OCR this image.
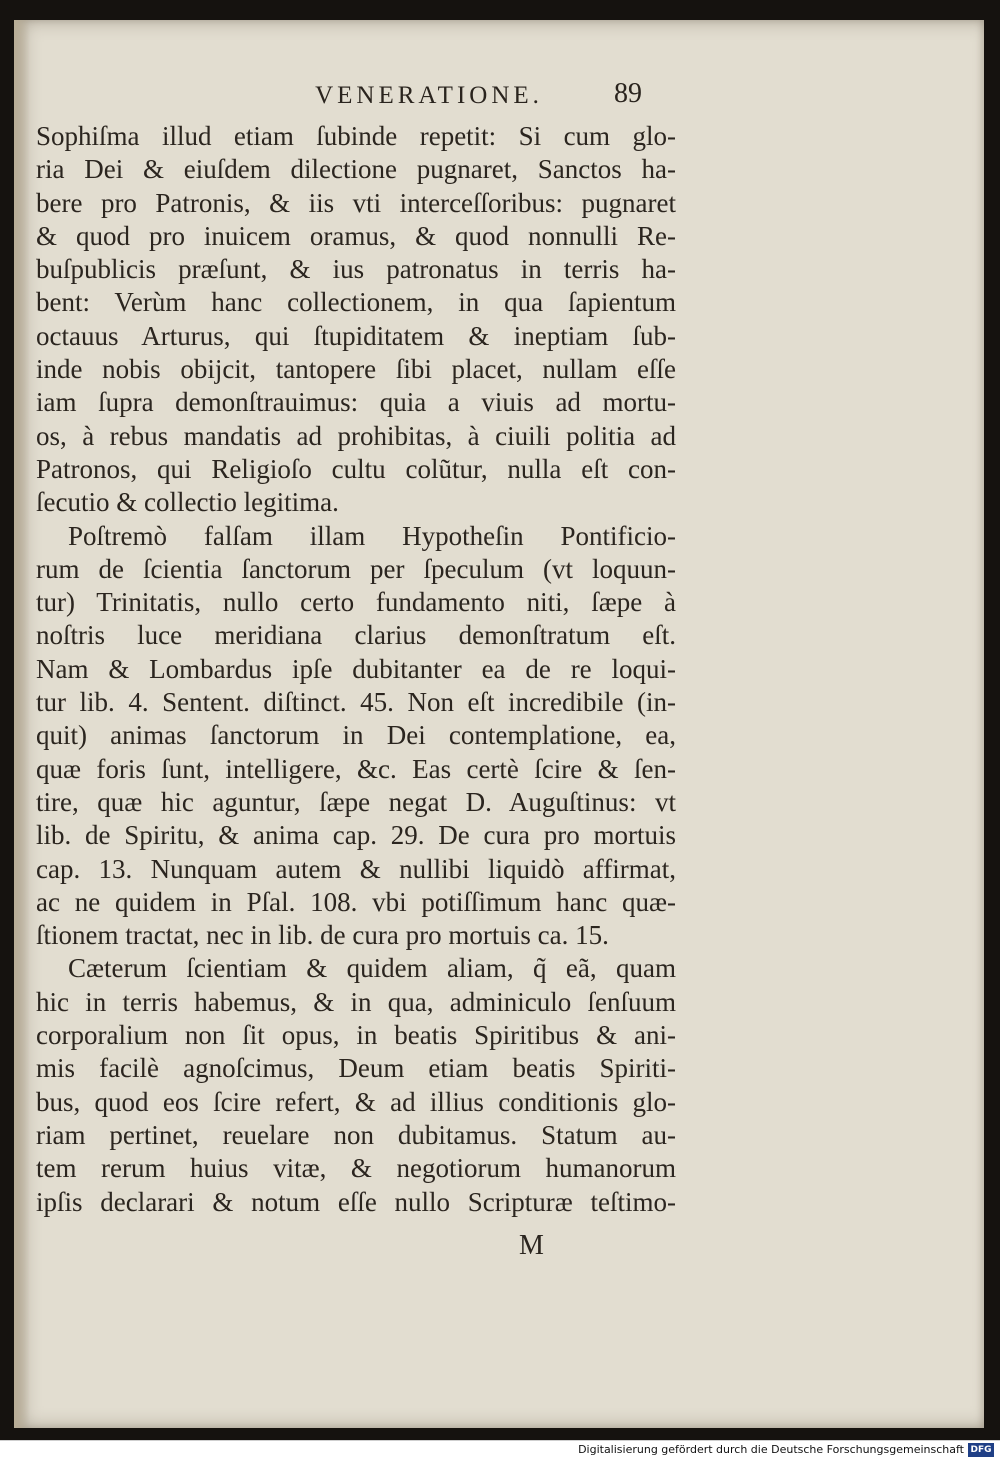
VENERATIONE.	89
Sophiſma illud etiam ſubinde repetit: Si cum glo-
ria Dei & eiuſdem dilectione pugnaret, Sanctos ha-
bere pro Patronis, & iis vti interceſſoribus: pugnaret
& quod pro inuicem oramus, & quod nonnulli Re-
buſpublicis præſunt, & ius patronatus in terris ha-
bent: Verùm hanc collectionem, in qua ſapientum
octauus Arturus, qui ſtupiditatem & ineptiam ſub-
inde nobis obijcit, tantopere ſibi placet, nullam eſſe
iam ſupra demonſtrauimus: quia a viuis ad mortu-
os, à rebus mandatis ad prohibitas, à ciuili politia ad
Patronos, qui Religioſo cultu colũtur, nulla eſt con-
ſecutio & collectio legitima.
Poſtremò falſam illam Hypotheſin Pontificio-
rum de ſcientia ſanctorum per ſpeculum (vt loquun-
tur) Trinitatis, nullo certo fundamento niti, ſæpe à
noſtris luce meridiana clarius demonſtratum eſt.
Nam & Lombardus ipſe dubitanter ea de re loqui-
tur lib. 4. Sentent. diſtinct. 45. Non eſt incredibile (in-
quit) animas ſanctorum in Dei contemplatione, ea,
quæ foris ſunt, intelligere, &c. Eas certè ſcire & ſen-
tire, quæ hic aguntur, ſæpe negat D. Auguſtinus: vt
lib. de Spiritu, & anima cap. 29. De cura pro mortuis
cap. 13. Nunquam autem & nullibi liquidò affirmat,
ac ne quidem in Pſal. 108. vbi potiſſimum hanc quæ-
ſtionem tractat, nec in lib. de cura pro mortuis ca. 15.
Cæterum ſcientiam & quidem aliam, q̃ eã, quam
hic in terris habemus, & in qua, adminiculo ſenſuum
corporalium non ſit opus, in beatis Spiritibus & ani-
mis facilè agnoſcimus, Deum etiam beatis Spiriti-
bus, quod eos ſcire refert, & ad illius conditionis glo-
riam pertinet, reuelare non dubitamus. Statum au-
tem rerum huius vitæ, & negotiorum humanorum
ipſis declarari & notum eſſe nullo Scripturæ teſtimo-
M
Digitalisierung gefördert durch die Deutsche Forschungsgemeinschaft DFG
